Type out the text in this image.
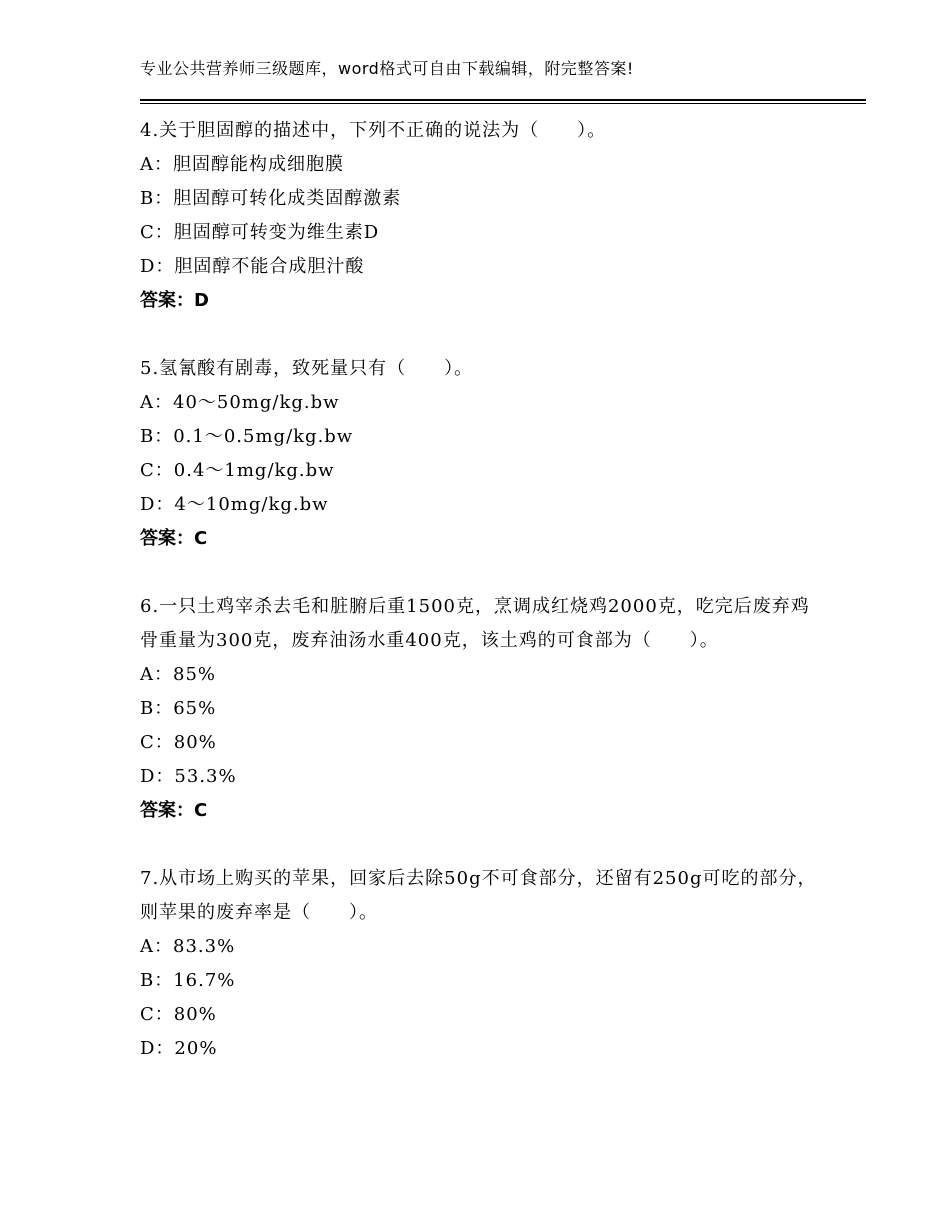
专业公共营养师三级题库，word格式可自由下载编辑，附完整答案!
4.关于胆固醇的描述中，下列不正确的说法为（　　）。
A：胆固醇能构成细胞膜
B：胆固醇可转化成类固醇激素
C：胆固醇可转变为维生素D
D：胆固醇不能合成胆汁酸
答案：D
5.氢氰酸有剧毒，致死量只有（　　）。
A：40～50mg/kg.bw
B：0.1～0.5mg/kg.bw
C：0.4～1mg/kg.bw
D：4～10mg/kg.bw
答案：C
6.一只土鸡宰杀去毛和脏腑后重1500克，烹调成红烧鸡2000克，吃完后废弃鸡骨重量为300克，废弃油汤水重400克，该土鸡的可食部为（　　）。
A：85%
B：65%
C：80%
D：53.3%
答案：C
7.从市场上购买的苹果，回家后去除50g不可食部分，还留有250g可吃的部分，则苹果的废弃率是（　　）。
A：83.3%
B：16.7%
C：80%
D：20%
